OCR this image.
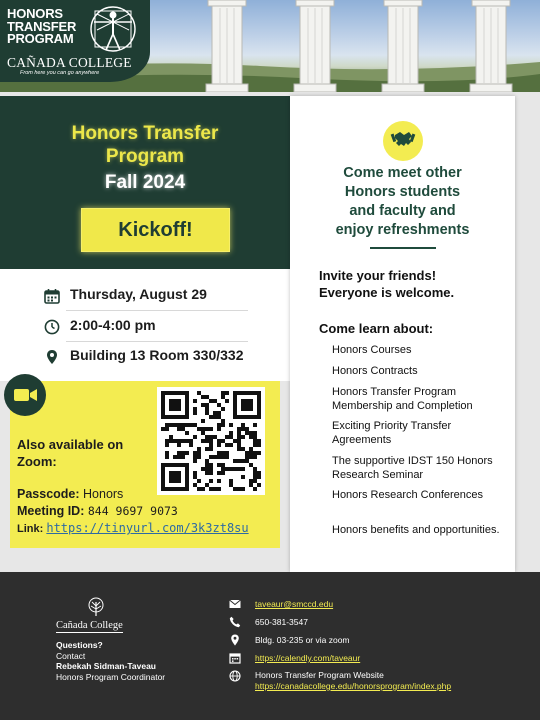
HONORS
TRANSFER
PROGRAM
CAÑADA COLLEGE
From here you can go anywhere
Honors Transfer
Program
Fall 2024
Kickoff!
Thursday, August 29
2:00-4:00 pm
Building 13 Room 330/332
Also available on
Zoom:
Passcode: Honors
Meeting ID: 844 9697 9073
Link: https://tinyurl.com/3k3zt8su
Come meet other
Honors students
and faculty and
enjoy refreshments
Invite your friends!
Everyone is welcome.
Come learn about:
Honors Courses
Honors Contracts
Honors Transfer Program Membership and Completion
Exciting Priority Transfer Agreements
The supportive IDST 150 Honors Research Seminar
Honors Research Conferences
Honors benefits and opportunities.
Cañada College
Questions?
Contact
Rebekah Sidman-Taveau
Honors Program Coordinator
taveaur@smccd.edu
650-381-3547
Bldg. 03-235 or via zoom
https://calendly.com/taveaur
Honors Transfer Program Website
https://canadacollege.edu/honorsprogram/index.php
